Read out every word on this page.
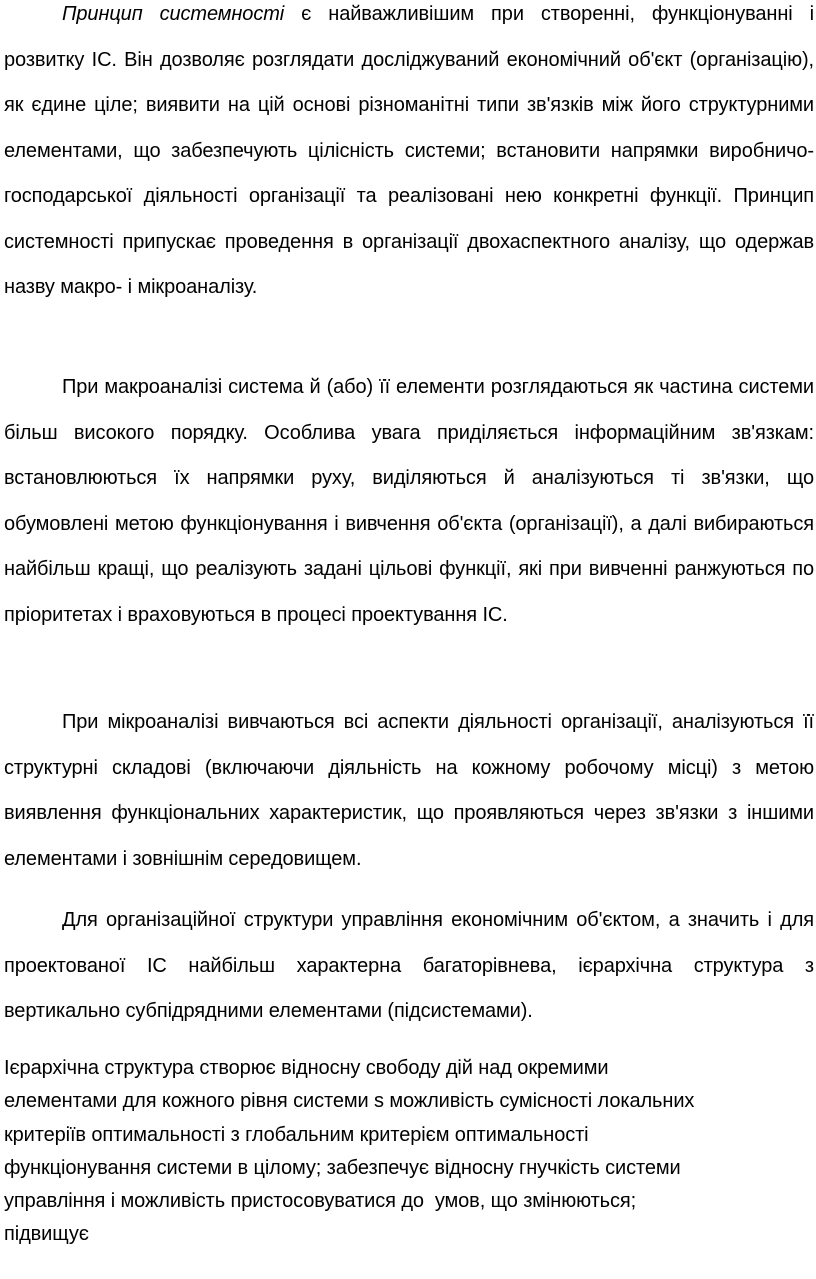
Принцип системності є найважливішим при створенні, функціонуванні і розвитку ІС. Він дозволяє розглядати досліджуваний економічний об'єкт (організацію), як єдине ціле; виявити на цій основі різноманітні типи зв'язків між його структурними елементами, що забезпечують цілісність системи; встановити напрямки виробничо-господарської діяльності організації та реалізовані нею конкретні функції. Принцип системності припускає проведення в організації двохаспектного аналізу, що одержав назву макро- і мікроаналізу.

При макроаналізі система й (або) її елементи розглядаються як частина системи більш високого порядку. Особлива увага приділяється інформаційним зв'язкам: встановлюються їх напрямки руху, виділяються й аналізуються ті зв'язки, що обумовлені метою функціонування і вивчення об'єкта (організації), а далі вибираються найбільш кращі, що реалізують задані цільові функції, які при вивченні ранжуються по пріоритетах і враховуються в процесі проектування ІС.

При мікроаналізі вивчаються всі аспекти діяльності організації, аналізуються її структурні складові (включаючи діяльність на кожному робочому місці) з метою виявлення функціональних характеристик, що проявляються через зв'язки з іншими елементами і зовнішнім середовищем.

Для організаційної структури управління економічним об'єктом, а значить і для проектованої ІС найбільш характерна багаторівнева, ієрархічна структура з вертикально субпідрядними елементами (підсистемами).

Ієрархічна структура створює відносну свободу дій над окремими
елементами для кожного рівня системи s можливість сумісності локальних
критеріїв оптимальності з глобальним критерієм оптимальності
функціонування системи в цілому; забезпечує відносну гнучкість системи
управління і можливість пристосовуватися до  умов, що змінюються;
підвищує
